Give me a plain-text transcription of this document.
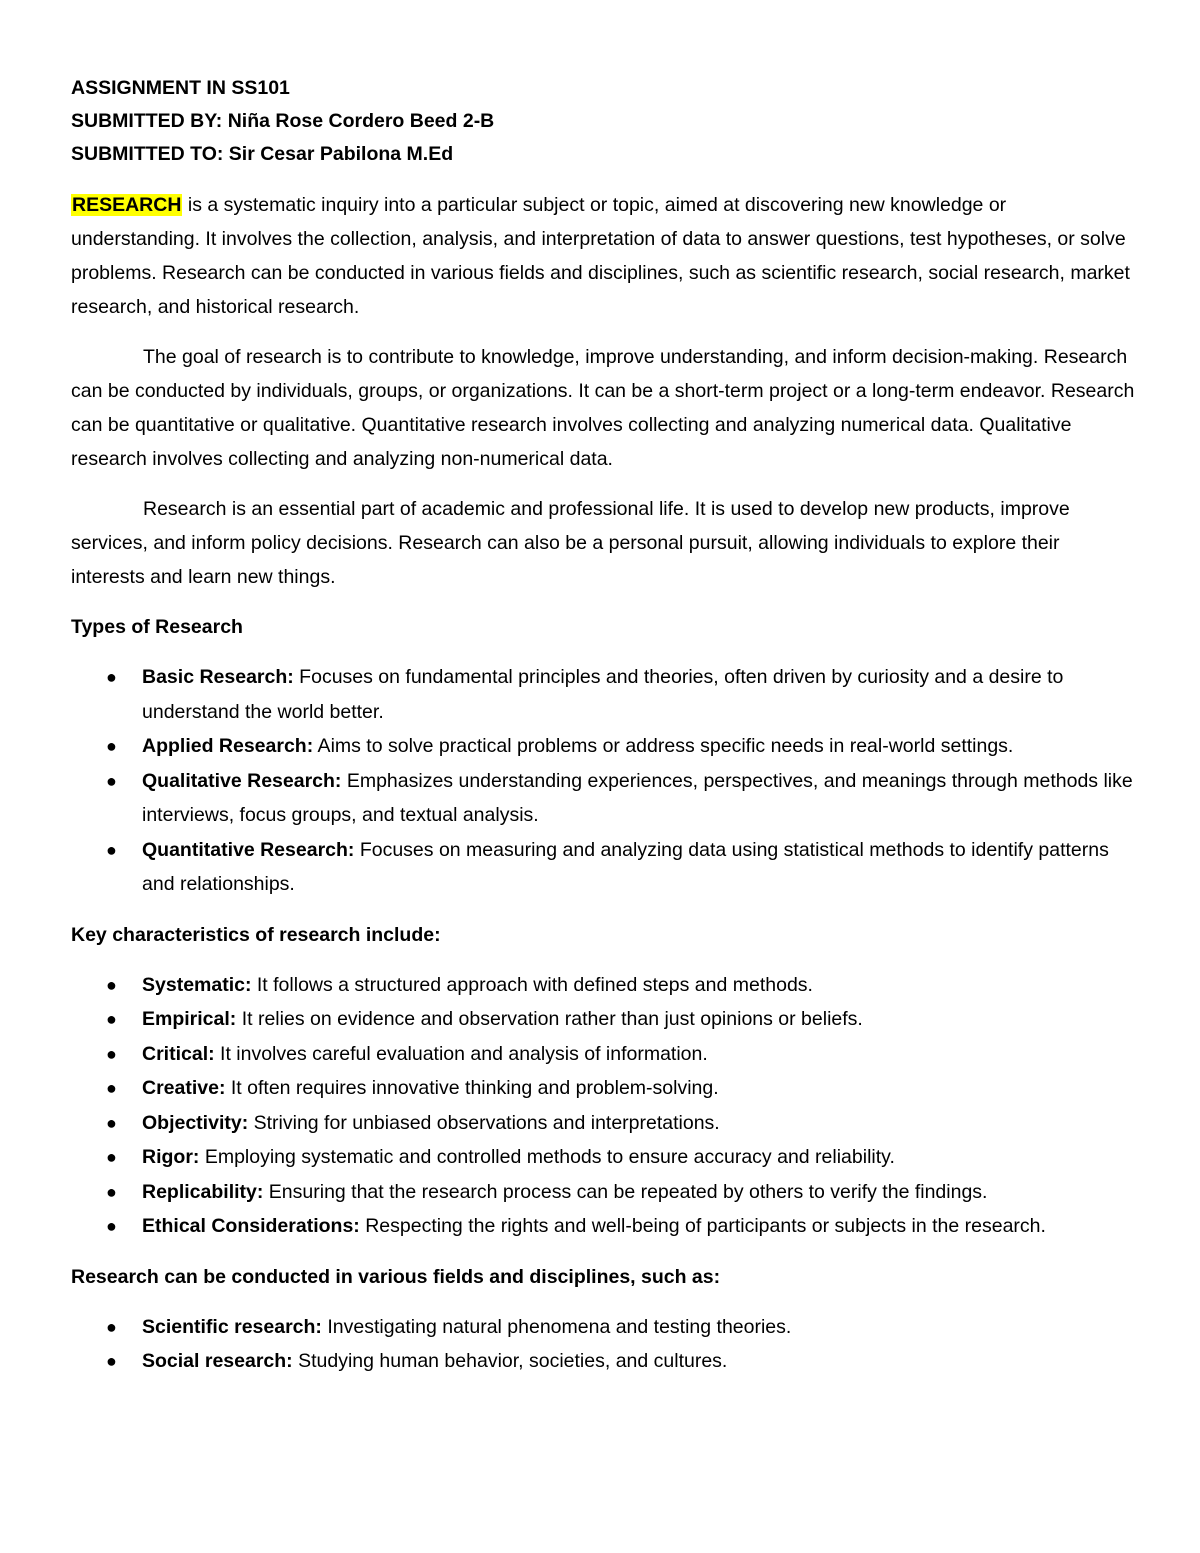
ASSIGNMENT IN SS101

SUBMITTED BY: Niña Rose Cordero Beed 2-B

SUBMITTED TO: Sir Cesar Pabilona M.Ed

RESEARCH is a systematic inquiry into a particular subject or topic, aimed at discovering new knowledge or understanding. It involves the collection, analysis, and interpretation of data to answer questions, test hypotheses, or solve problems. Research can be conducted in various fields and disciplines, such as scientific research, social research, market research, and historical research.

The goal of research is to contribute to knowledge, improve understanding, and inform decision-making. Research can be conducted by individuals, groups, or organizations. It can be a short-term project or a long-term endeavor. Research can be quantitative or qualitative. Quantitative research involves collecting and analyzing numerical data. Qualitative research involves collecting and analyzing non-numerical data.

Research is an essential part of academic and professional life. It is used to develop new products, improve services, and inform policy decisions. Research can also be a personal pursuit, allowing individuals to explore their interests and learn new things.

Types of Research
● Basic Research: Focuses on fundamental principles and theories, often driven by curiosity and a desire to understand the world better.
● Applied Research: Aims to solve practical problems or address specific needs in real-world settings.
● Qualitative Research: Emphasizes understanding experiences, perspectives, and meanings through methods like interviews, focus groups, and textual analysis.
● Quantitative Research: Focuses on measuring and analyzing data using statistical methods to identify patterns and relationships.
Key characteristics of research include:
● Systematic: It follows a structured approach with defined steps and methods.
● Empirical: It relies on evidence and observation rather than just opinions or beliefs.
● Critical: It involves careful evaluation and analysis of information.
● Creative: It often requires innovative thinking and problem-solving.
● Objectivity: Striving for unbiased observations and interpretations.
● Rigor: Employing systematic and controlled methods to ensure accuracy and reliability.
● Replicability: Ensuring that the research process can be repeated by others to verify the findings.
● Ethical Considerations: Respecting the rights and well-being of participants or subjects in the research.
Research can be conducted in various fields and disciplines, such as:
● Scientific research: Investigating natural phenomena and testing theories.
● Social research: Studying human behavior, societies, and cultures.
